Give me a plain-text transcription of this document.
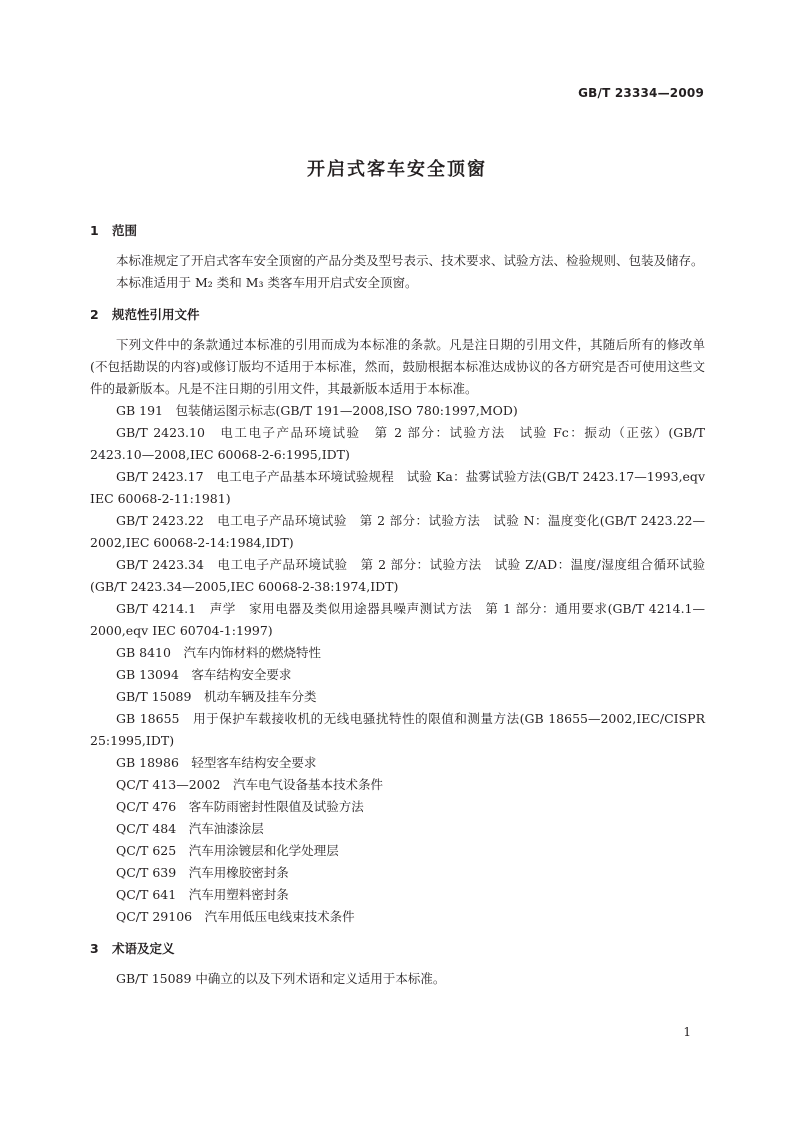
GB/T 23334—2009
开启式客车安全顶窗
1 范围

本标准规定了开启式客车安全顶窗的产品分类及型号表示、技术要求、试验方法、检验规则、包装及储存。

本标准适用于 M₂ 类和 M₃ 类客车用开启式安全顶窗。

2 规范性引用文件

下列文件中的条款通过本标准的引用而成为本标准的条款。凡是注日期的引用文件，其随后所有的修改单(不包括勘误的内容)或修订版均不适用于本标准，然而，鼓励根据本标准达成协议的各方研究是否可使用这些文件的最新版本。凡是不注日期的引用文件，其最新版本适用于本标准。

GB 191　包装储运图示标志(GB/T 191—2008,ISO 780:1997,MOD)

GB/T 2423.10　电工电子产品环境试验　第 2 部分：试验方法　试验 Fc：振动（正弦）(GB/T 2423.10—2008,IEC 60068-2-6:1995,IDT)

GB/T 2423.17　电工电子产品基本环境试验规程　试验 Ka：盐雾试验方法(GB/T 2423.17—1993,eqv IEC 60068-2-11:1981)

GB/T 2423.22　电工电子产品环境试验　第 2 部分：试验方法　试验 N：温度变化(GB/T 2423.22—2002,IEC 60068-2-14:1984,IDT)

GB/T 2423.34　电工电子产品环境试验　第 2 部分：试验方法　试验 Z/AD：温度/湿度组合循环试验(GB/T 2423.34—2005,IEC 60068-2-38:1974,IDT)

GB/T 4214.1　声学　家用电器及类似用途器具噪声测试方法　第 1 部分：通用要求(GB/T 4214.1—2000,eqv IEC 60704-1:1997)

GB 8410　汽车内饰材料的燃烧特性

GB 13094　客车结构安全要求

GB/T 15089　机动车辆及挂车分类

GB 18655　用于保护车载接收机的无线电骚扰特性的限值和测量方法(GB 18655—2002,IEC/CISPR 25:1995,IDT)

GB 18986　轻型客车结构安全要求

QC/T 413—2002　汽车电气设备基本技术条件

QC/T 476　客车防雨密封性限值及试验方法

QC/T 484　汽车油漆涂层

QC/T 625　汽车用涂镀层和化学处理层

QC/T 639　汽车用橡胶密封条

QC/T 641　汽车用塑料密封条

QC/T 29106　汽车用低压电线束技术条件

3 术语及定义

GB/T 15089 中确立的以及下列术语和定义适用于本标准。

1
